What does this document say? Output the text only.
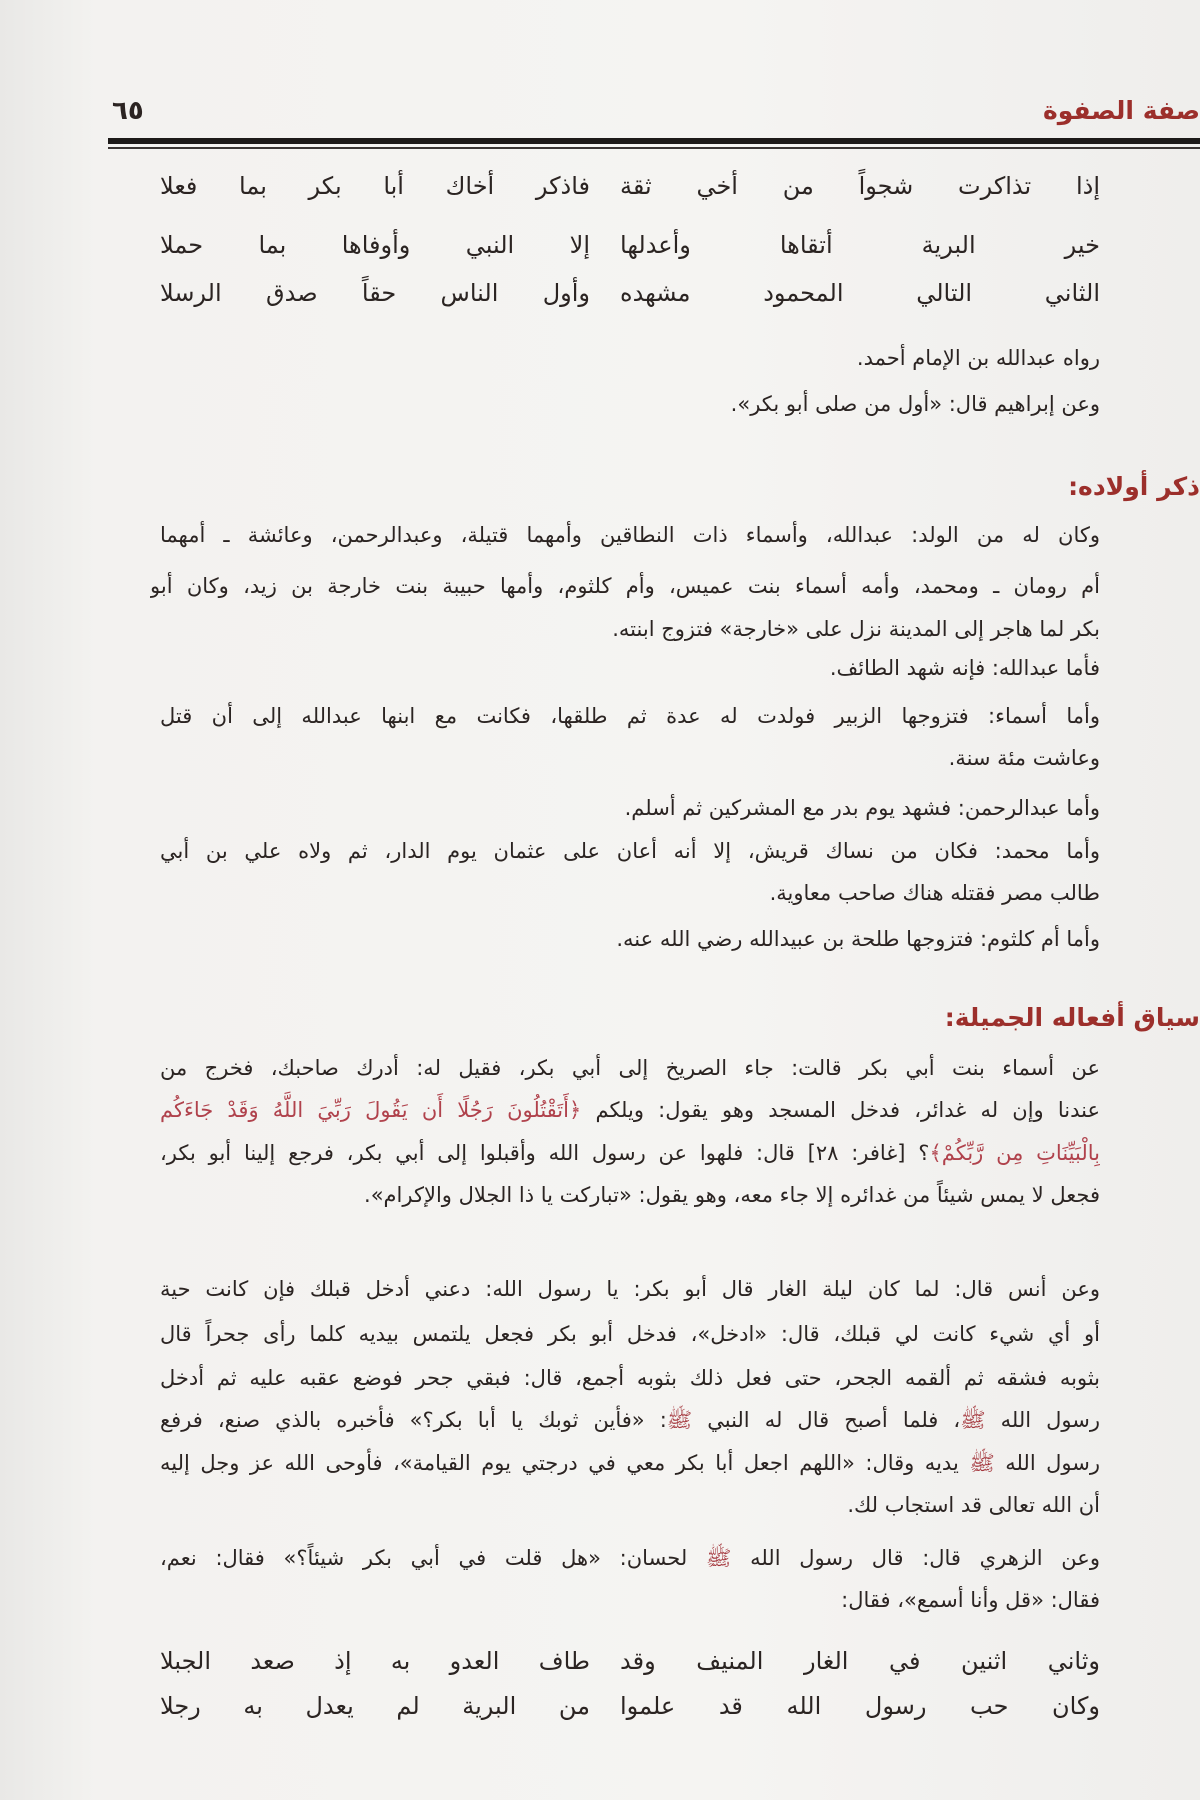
صفة الصفوة
٦٥
إذا تذاكرت شجواً من أخي ثقة
فاذكر أخاك أبا بكر بما فعلا
خير البرية أتقاها وأعدلها
إلا النبي وأوفاها بما حملا
الثاني التالي المحمود مشهده
وأول الناس حقاً صدق الرسلا
رواه عبدالله بن الإمام أحمد.
وعن إبراهيم قال: «أول من صلى أبو بكر».
ذكر أولاده:
وكان له من الولد: عبدالله، وأسماء ذات النطاقين وأمهما قتيلة، وعبدالرحمن، وعائشة ـ أمهما
أم رومان ـ ومحمد، وأمه أسماء بنت عميس، وأم كلثوم، وأمها حبيبة بنت خارجة بن زيد، وكان أبو
بكر لما هاجر إلى المدينة نزل على «خارجة» فتزوج ابنته.
فأما عبدالله: فإنه شهد الطائف.
وأما أسماء: فتزوجها الزبير فولدت له عدة ثم طلقها، فكانت مع ابنها عبدالله إلى أن قتل
وعاشت مئة سنة.
وأما عبدالرحمن: فشهد يوم بدر مع المشركين ثم أسلم.
وأما محمد: فكان من نساك قريش، إلا أنه أعان على عثمان يوم الدار، ثم ولاه علي بن أبي
طالب مصر فقتله هناك صاحب معاوية.
وأما أم كلثوم: فتزوجها طلحة بن عبيدالله رضي الله عنه.
سياق أفعاله الجميلة:
عن أسماء بنت أبي بكر قالت: جاء الصريخ إلى أبي بكر، فقيل له: أدرك صاحبك، فخرج من
عندنا وإن له غدائر، فدخل المسجد وهو يقول: ويلكم ﴿أَتَقْتُلُونَ رَجُلًا أَن يَقُولَ رَبِّيَ اللَّهُ وَقَدْ جَاءَكُم
بِالْبَيِّنَاتِ مِن رَّبِّكُمْ﴾؟ [غافر: ٢٨] قال: فلهوا عن رسول الله وأقبلوا إلى أبي بكر، فرجع إلينا أبو بكر،
فجعل لا يمس شيئاً من غدائره إلا جاء معه، وهو يقول: «تباركت يا ذا الجلال والإكرام».
وعن أنس قال: لما كان ليلة الغار قال أبو بكر: يا رسول الله: دعني أدخل قبلك فإن كانت حية
أو أي شيء كانت لي قبلك، قال: «ادخل»، فدخل أبو بكر فجعل يلتمس بيديه كلما رأى جحراً قال
بثوبه فشقه ثم ألقمه الجحر، حتى فعل ذلك بثوبه أجمع، قال: فبقي جحر فوضع عقبه عليه ثم أدخل
رسول الله ﷺ، فلما أصبح قال له النبي ﷺ: «فأين ثوبك يا أبا بكر؟» فأخبره بالذي صنع، فرفع
رسول الله ﷺ يديه وقال: «اللهم اجعل أبا بكر معي في درجتي يوم القيامة»، فأوحى الله عز وجل إليه
أن الله تعالى قد استجاب لك.
وعن الزهري قال: قال رسول الله ﷺ لحسان: «هل قلت في أبي بكر شيئاً؟» فقال: نعم،
فقال: «قل وأنا أسمع»، فقال:
وثاني اثنين في الغار المنيف وقد
طاف العدو به إذ صعد الجبلا
وكان حب رسول الله قد علموا
من البرية لم يعدل به رجلا
